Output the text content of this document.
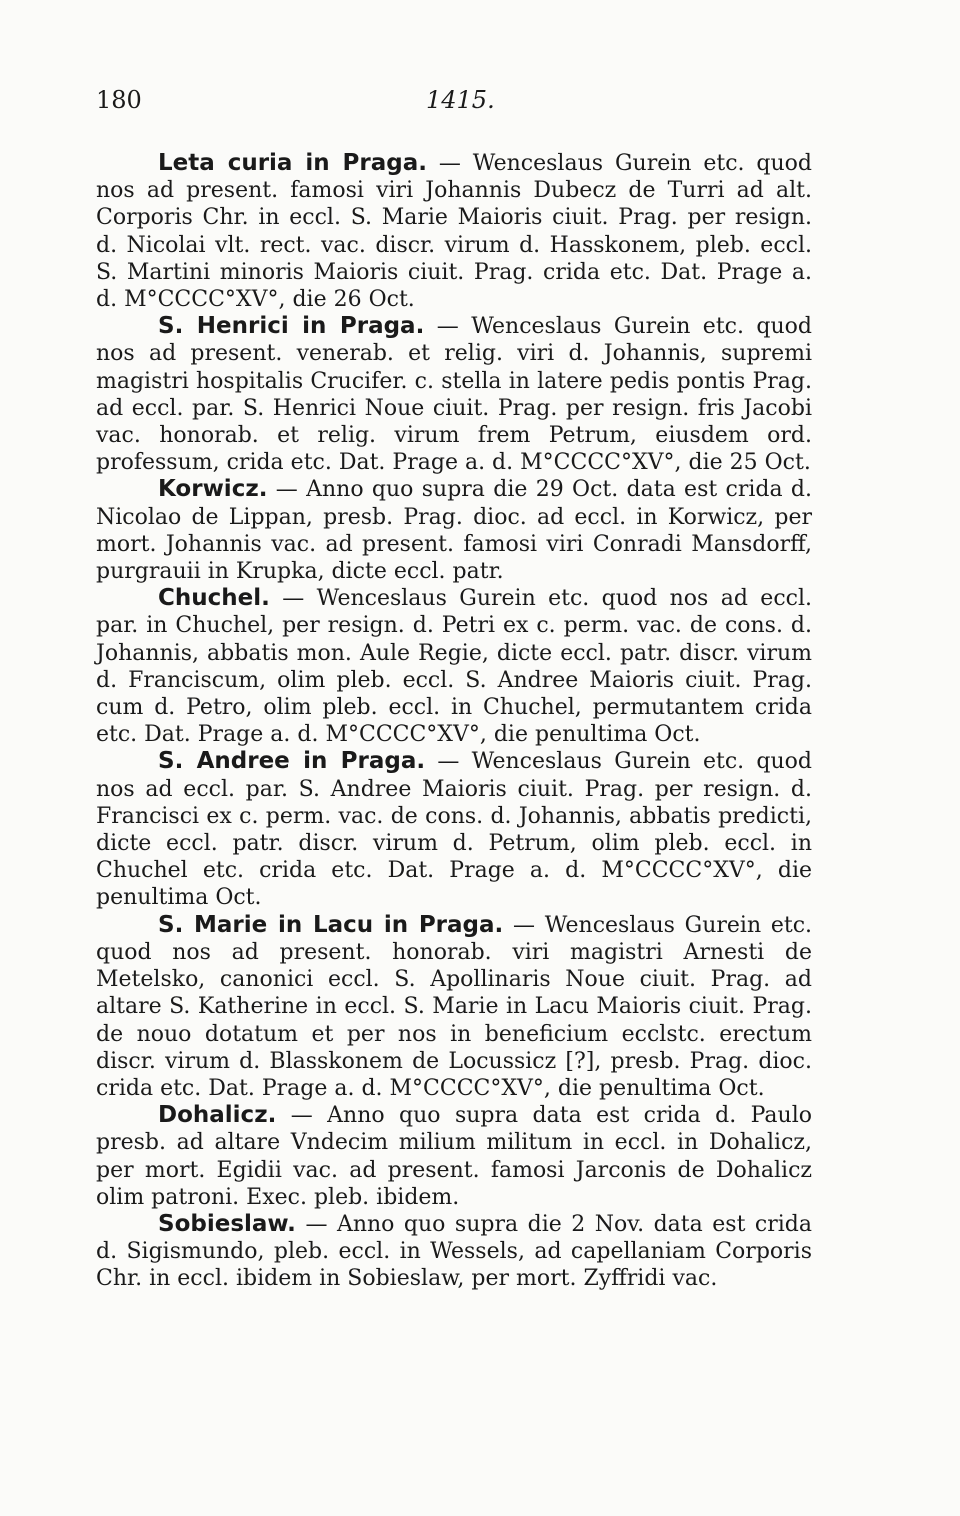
180	1415.

Leta curia in Praga. — Wenceslaus Gurein etc. quod nos ad present. famosi viri Johannis Dubecz de Turri ad alt. Corporis Chr. in eccl. S. Marie Maioris ciuit. Prag. per resign. d. Nicolai vlt. rect. vac. discr. virum d. Hasskonem, pleb. eccl. S. Martini minoris Maioris ciuit. Prag. crida etc. Dat. Prage a. d. M°CCCC°XV°, die 26 Oct.

S. Henrici in Praga. — Wenceslaus Gurein etc. quod nos ad present. venerab. et relig. viri d. Johannis, supremi magistri hospitalis Crucifer. c. stella in latere pedis pontis Prag. ad eccl. par. S. Henrici Noue ciuit. Prag. per resign. fris Jacobi vac. honorab. et relig. virum frem Petrum, eiusdem ord. professum, crida etc. Dat. Prage a. d. M°CCCC°XV°, die 25 Oct.

Korwicz. — Anno quo supra die 29 Oct. data est crida d. Nicolao de Lippan, presb. Prag. dioc. ad eccl. in Korwicz, per mort. Johannis vac. ad present. famosi viri Conradi Mansdorff, purgrauii in Krupka, dicte eccl. patr.

Chuchel. — Wenceslaus Gurein etc. quod nos ad eccl. par. in Chuchel, per resign. d. Petri ex c. perm. vac. de cons. d. Johannis, abbatis mon. Aule Regie, dicte eccl. patr. discr. virum d. Franciscum, olim pleb. eccl. S. Andree Maioris ciuit. Prag. cum d. Petro, olim pleb. eccl. in Chuchel, permutantem crida etc. Dat. Prage a. d. M°CCCC°XV°, die penultima Oct.

S. Andree in Praga. — Wenceslaus Gurein etc. quod nos ad eccl. par. S. Andree Maioris ciuit. Prag. per resign. d. Francisci ex c. perm. vac. de cons. d. Johannis, abbatis predicti, dicte eccl. patr. discr. virum d. Petrum, olim pleb. eccl. in Chuchel etc. crida etc. Dat. Prage a. d. M°CCCC°XV°, die penultima Oct.

S. Marie in Lacu in Praga. — Wenceslaus Gurein etc. quod nos ad present. honorab. viri magistri Arnesti de Metelsko, canonici eccl. S. Apollinaris Noue ciuit. Prag. ad altare S. Katherine in eccl. S. Marie in Lacu Maioris ciuit. Prag. de nouo dotatum et per nos in beneficium ecclstc. erectum discr. virum d. Blasskonem de Locussicz [?], presb. Prag. dioc. crida etc. Dat. Prage a. d. M°CCCC°XV°, die penultima Oct.

Dohalicz. — Anno quo supra data est crida d. Paulo presb. ad altare Vndecim milium militum in eccl. in Dohalicz, per mort. Egidii vac. ad present. famosi Jarconis de Dohalicz olim patroni. Exec. pleb. ibidem.

Sobieslaw. — Anno quo supra die 2 Nov. data est crida d. Sigismundo, pleb. eccl. in Wessels, ad capellaniam Corporis Chr. in eccl. ibidem in Sobieslaw, per mort. Zyffridi vac.
